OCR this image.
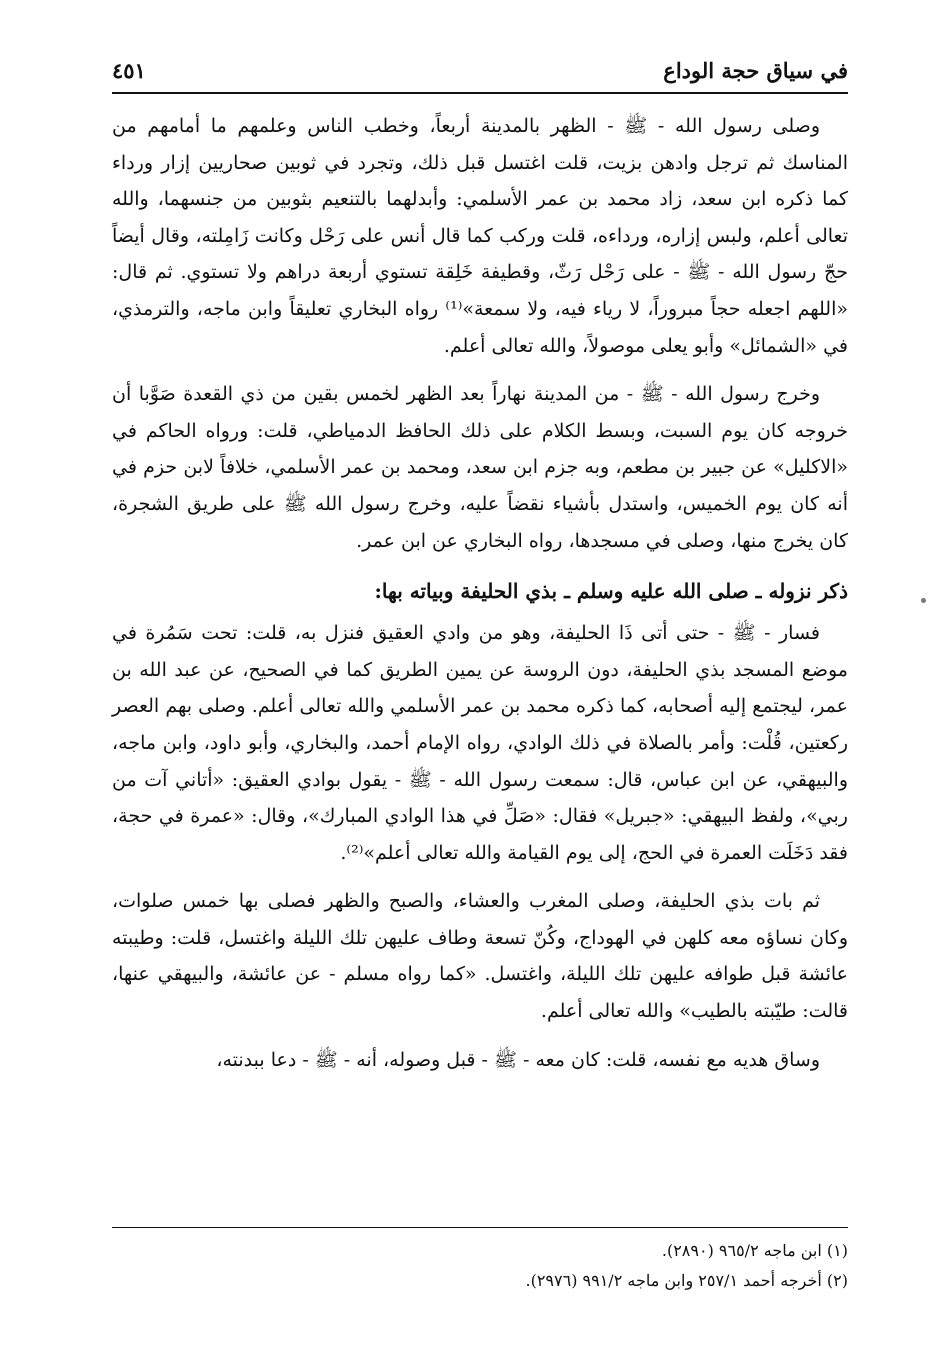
في سياق حجة الوداع
٤٥١

وصلى رسول الله - ﷺ - الظهر بالمدينة أربعاً، وخطب الناس وعلمهم ما أمامهم من المناسك ثم ترجل وادهن بزيت، قلت اغتسل قبل ذلك، وتجرد في ثوبين صحاريين إزار ورداء كما ذكره ابن سعد، زاد محمد بن عمر الأسلمي: وأبدلهما بالتنعيم بثوبين من جنسهما، والله تعالى أعلم، ولبس إزاره، ورداءه، قلت وركب كما قال أنس على رَحْل وكانت زَامِلته، وقال أيضاً حجّ رسول الله - ﷺ - على رَحْل رَثّ، وقطيفة خَلِقة تستوي أربعة دراهم ولا تستوي. ثم قال: «اللهم اجعله حجاً مبروراً، لا رياء فيه، ولا سمعة»⁽¹⁾ رواه البخاري تعليقاً وابن ماجه، والترمذي، في «الشمائل» وأبو يعلى موصولاً، والله تعالى أعلم.

وخرج رسول الله - ﷺ - من المدينة نهاراً بعد الظهر لخمس بقين من ذي القعدة صَوَّبا أن خروجه كان يوم السبت، وبسط الكلام على ذلك الحافظ الدمياطي، قلت: ورواه الحاكم في «الاكليل» عن جبير بن مطعم، وبه جزم ابن سعد، ومحمد بن عمر الأسلمي، خلافاً لابن حزم في أنه كان يوم الخميس، واستدل بأشياء نقضاً عليه، وخرج رسول الله ﷺ على طريق الشجرة، كان يخرج منها، وصلى في مسجدها، رواه البخاري عن ابن عمر.

ذكر نزوله ـ صلى الله عليه وسلم ـ بذي الحليفة وبياته بها:

فسار - ﷺ - حتى أتى ذَا الحليفة، وهو من وادي العقيق فنزل به، قلت: تحت سَمُرة في موضع المسجد بذي الحليفة، دون الروسة عن يمين الطريق كما في الصحيح، عن عبد الله بن عمر، ليجتمع إليه أصحابه، كما ذكره محمد بن عمر الأسلمي والله تعالى أعلم. وصلى بهم العصر ركعتين، قُلْت: وأمر بالصلاة في ذلك الوادي، رواه الإمام أحمد، والبخاري، وأبو داود، وابن ماجه، والبيهقي، عن ابن عباس، قال: سمعت رسول الله - ﷺ - يقول بوادي العقيق: «أتاني آت من ربي»، ولفظ البيهقي: «جبريل» فقال: «صَلِّ في هذا الوادي المبارك»، وقال: «عمرة في حجة، فقد دَخَلَت العمرة في الحج، إلى يوم القيامة والله تعالى أعلم»⁽²⁾.

ثم بات بذي الحليفة، وصلى المغرب والعشاء، والصبح والظهر فصلى بها خمس صلوات، وكان نساؤه معه كلهن في الهوداج، وكُنّ تسعة وطاف عليهن تلك الليلة واغتسل، قلت: وطيبته عائشة قبل طوافه عليهن تلك الليلة، واغتسل. «كما رواه مسلم - عن عائشة، والبيهقي عنها، قالت: طيّبته بالطيب» والله تعالى أعلم.

وساق هديه مع نفسه، قلت: كان معه - ﷺ - قبل وصوله، أنه - ﷺ - دعا ببدنته،

(١) ابن ماجه ٩٦٥/٢ (٢٨٩٠).
(٢) أخرجه أحمد ٢٥٧/١ وابن ماجه ٩٩١/٢ (٢٩٧٦).
